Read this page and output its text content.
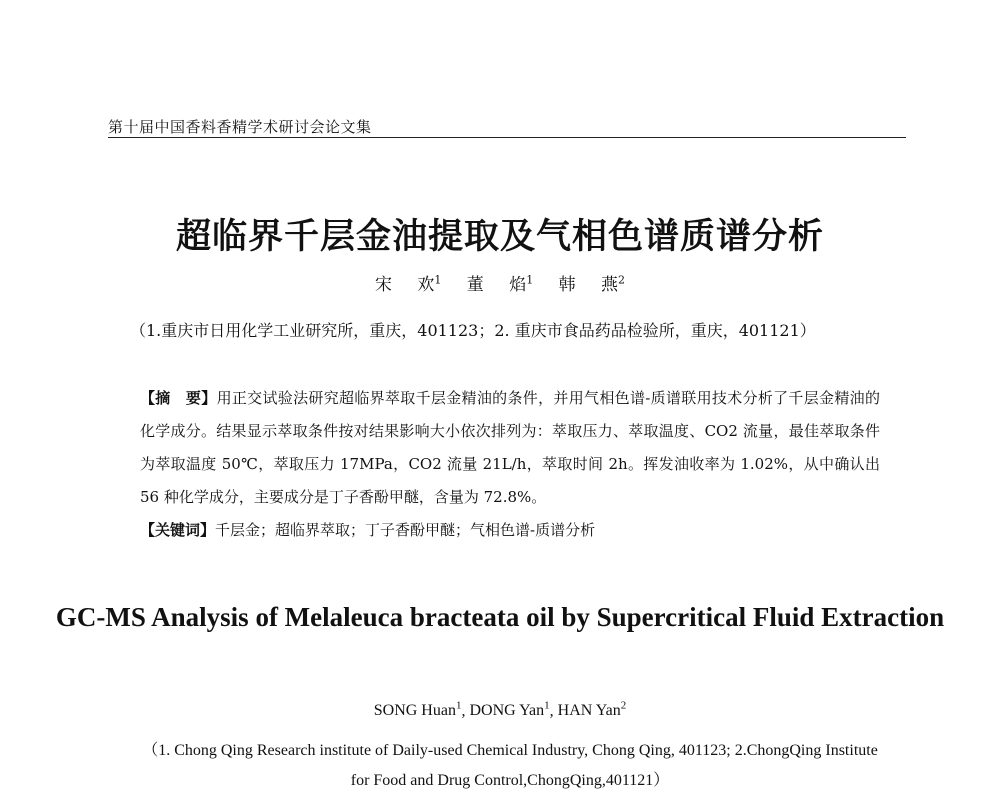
第十届中国香料香精学术研讨会论文集
超临界千层金油提取及气相色谱质谱分析
宋 欢$^1$ 董 焰$^1$ 韩 燕$^2$
（1.重庆市日用化学工业研究所，重庆，401123；2. 重庆市食品药品检验所，重庆，401121）
【摘　要】用正交试验法研究超临界萃取千层金精油的条件，并用气相色谱-质谱联用技术分析了千层金精油的化学成分。结果显示萃取条件按对结果影响大小依次排列为：萃取压力、萃取温度、CO2 流量，最佳萃取条件为萃取温度 50℃，萃取压力 17MPa，CO2 流量 21L/h，萃取时间 2h。挥发油收率为 1.02%，从中确认出 56 种化学成分，主要成分是丁子香酚甲醚，含量为 72.8%。
【关键词】千层金；超临界萃取；丁子香酚甲醚；气相色谱-质谱分析
GC-MS Analysis of Melaleuca bracteata oil by Supercritical Fluid Extraction
SONG Huan$^1$, DONG Yan$^1$, HAN Yan$^2$
（1. Chong Qing Research institute of Daily-used Chemical Industry, Chong Qing, 401123; 2.ChongQing Institute for Food and Drug Control,ChongQing,401121）
